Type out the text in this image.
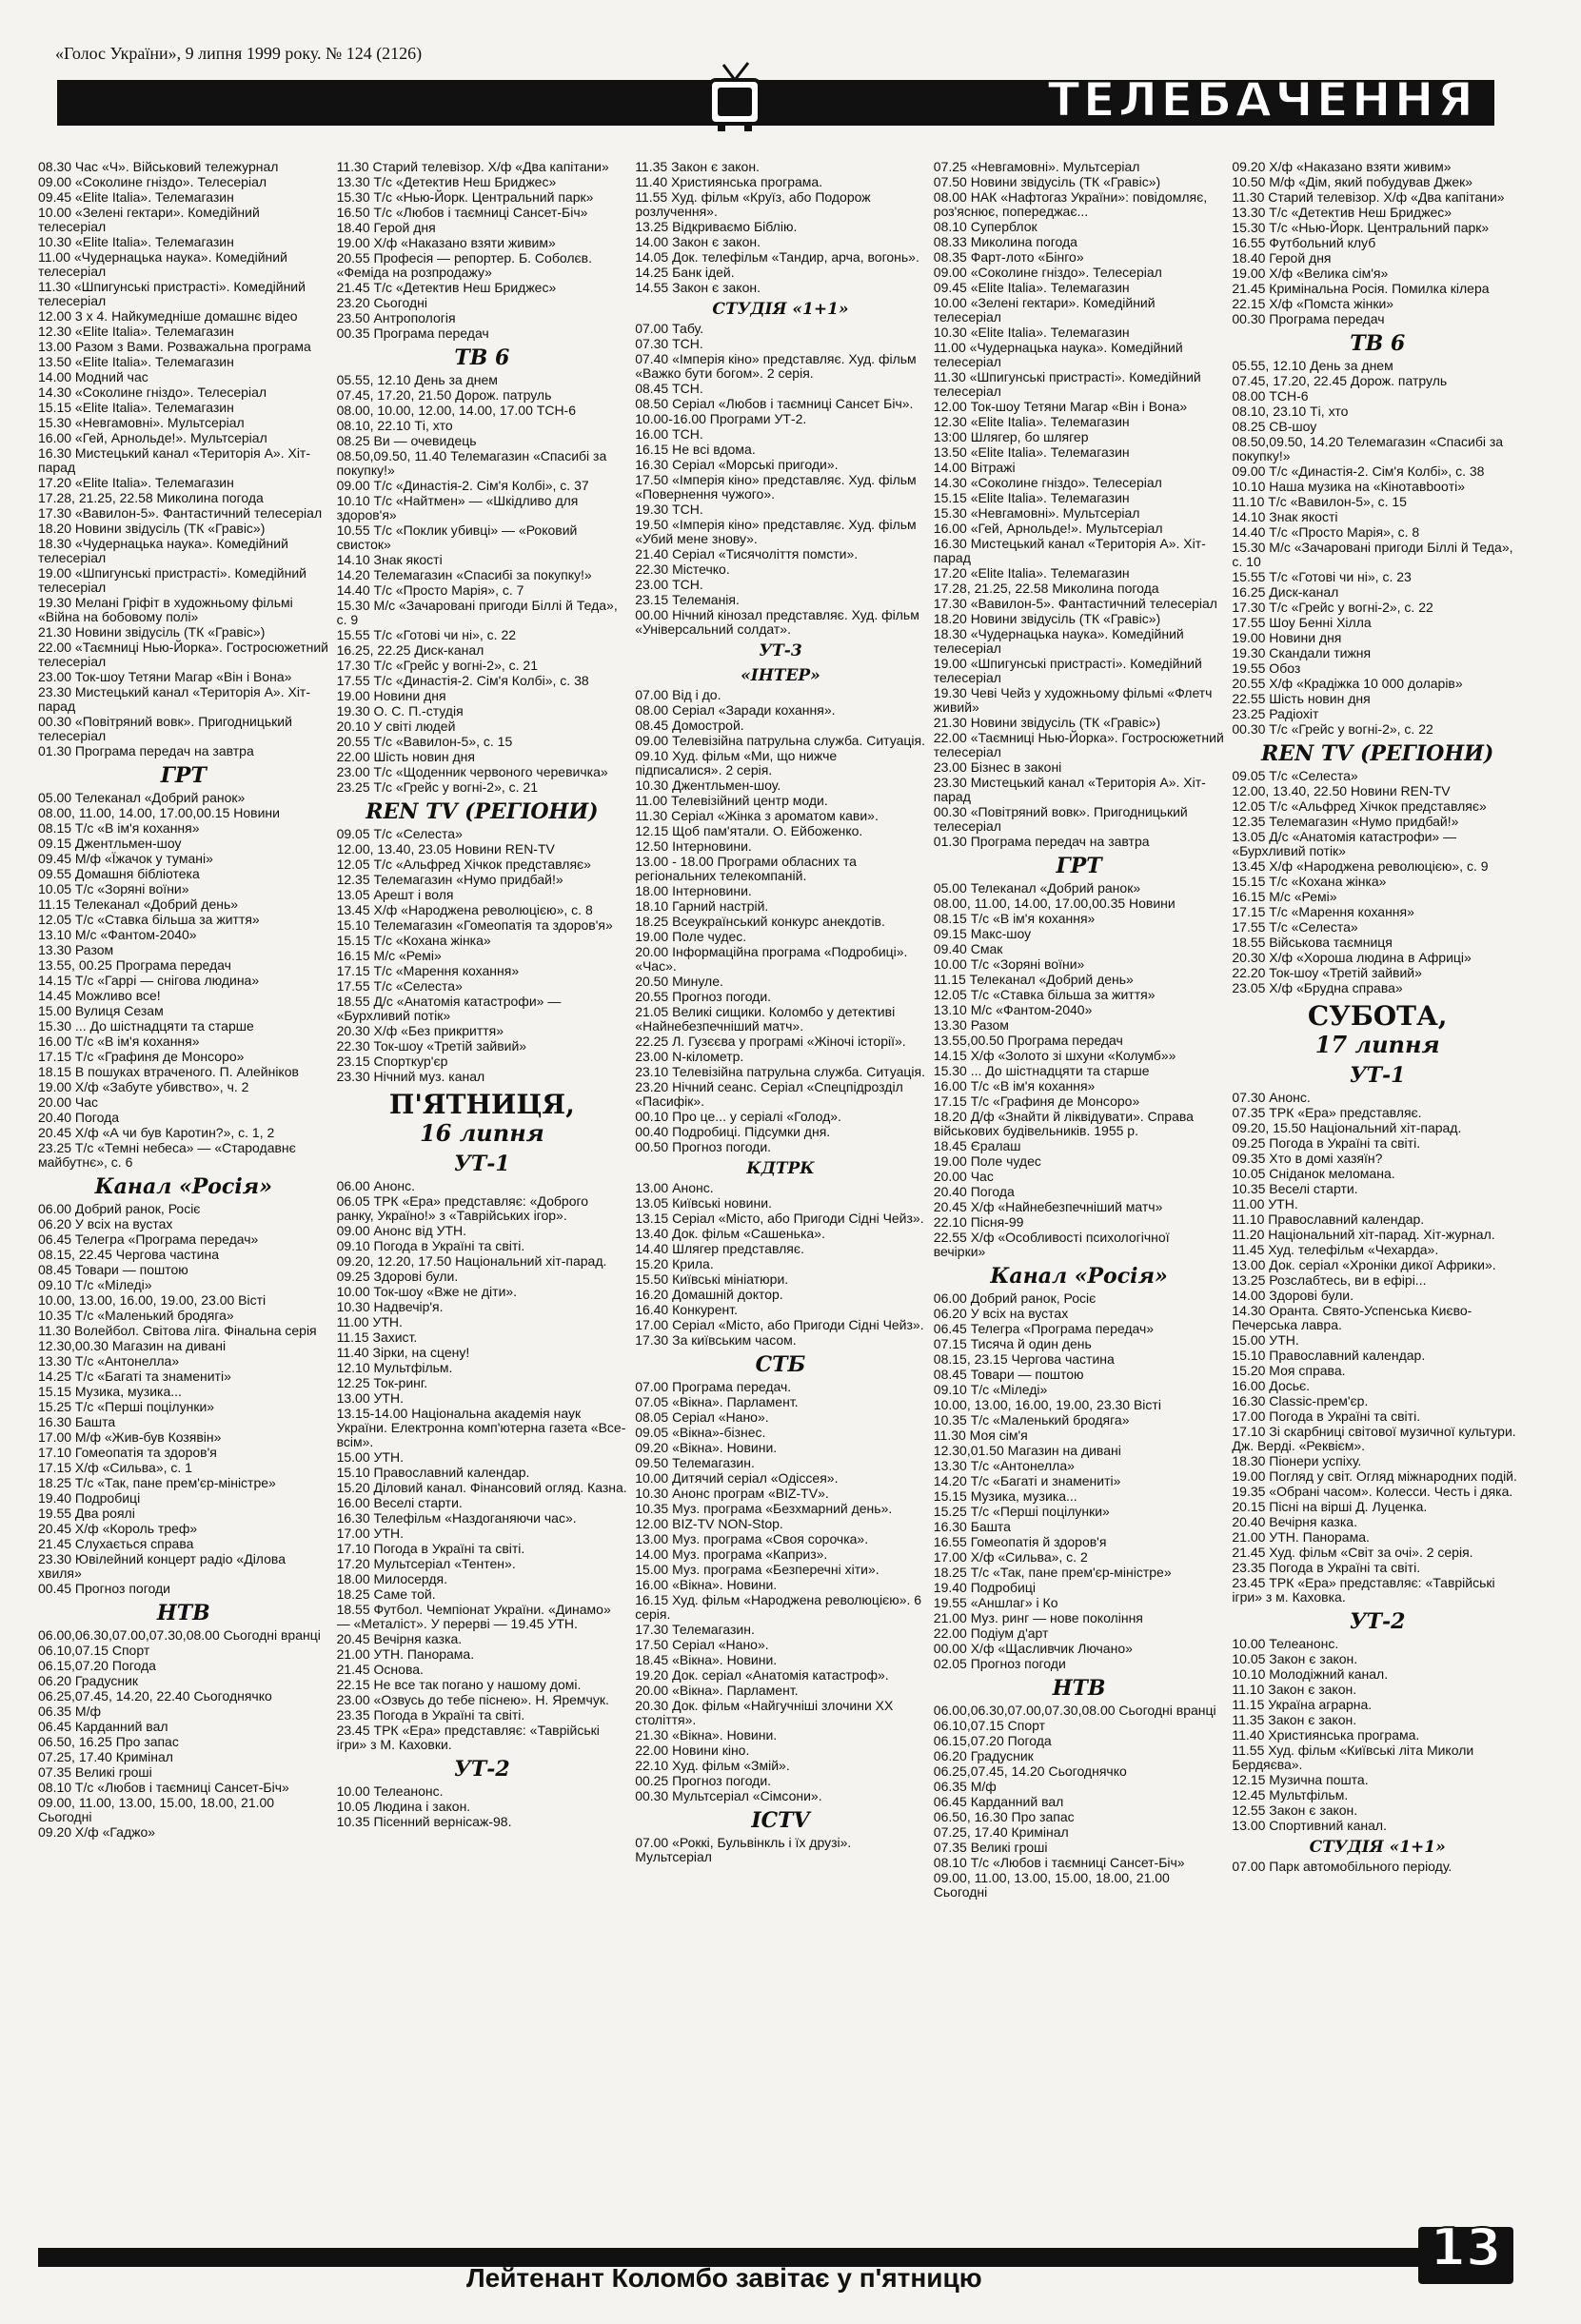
«Голос України», 9 липня 1999 року. № 124 (2126)
ТЕЛЕБАЧЕННЯ
08.30 Час «Ч». Військовий тележурнал
09.00 «Соколине гніздо». Телесеріал
09.45 «Elite Italia». Телемагазин
10.00 «Зелені гектари». Комедійний телесеріал
10.30 «Elite Italia». Телемагазин
11.00 «Чудернацька наука». Комедійний телесеріал
11.30 «Шпигунські пристрасті». Комедійний телесеріал
12.00 3 х 4. Найкумедніше домашнє відео
12.30 «Elite Italia». Телемагазин
13.00 Разом з Вами. Розважальна програма
13.50 «Elite Italia». Телемагазин
14.00 Модний час
14.30 «Соколине гніздо». Телесеріал
15.15 «Elite Italia». Телемагазин
15.30 «Невгамовні». Мультсеріал
16.00 «Гей, Арнольде!». Мультсеріал
16.30 Мистецький канал «Територія А». Хіт-парад
17.20 «Elite Italia». Телемагазин
17.28, 21.25, 22.58 Миколина погода
17.30 «Вавилон-5». Фантастичний телесеріал
18.20 Новини звідусіль (ТК «Гравіс»)
18.30 «Чудернацька наука». Комедійний телесеріал
19.00 «Шпигунські пристрасті». Комедійний телесеріал
19.30 Мелані Гріфіт в художньому фільмі «Війна на бобовому полі»
21.30 Новини звідусіль (ТК «Гравіс»)
22.00 «Таємниці Нью-Йорка». Гостросюжетний телесеріал
23.00 Ток-шоу Тетяни Магар «Він і Вона»
23.30 Мистецький канал «Територія А». Хіт-парад
00.30 «Повітряний вовк». Пригодницький телесеріал
01.30 Програма передач на завтра
ГРТ
05.00 Телеканал «Добрий ранок»
08.00, 11.00, 14.00, 17.00,00.15 Новини
08.15 Т/с «В ім'я кохання»
09.15 Джентльмен-шоу
09.45 М/ф «Їжачок у тумані»
09.55 Домашня бібліотека
10.05 Т/с «Зоряні воїни»
11.15 Телеканал «Добрий день»
12.05 Т/с «Ставка більша за життя»
13.10 М/с «Фантом-2040»
13.30 Разом
13.55, 00.25 Програма передач
14.15 Т/с «Гаррі — снігова людина»
14.45 Можливо все!
15.00 Вулиця Сезам
15.30 ... До шістнадцяти та старше
16.00 Т/с «В ім'я кохання»
17.15 Т/с «Графиня де Монсоро»
18.15 В пошуках втраченого. П. Алейніков
19.00 Х/ф «Забуте убивство», ч. 2
20.00 Час
20.40 Погода
20.45 Х/ф «А чи був Каротин?», с. 1, 2
23.25 Т/с «Темні небеса» — «Стародавнє майбутнє», с. 6
Канал «Росія»
06.00 Добрий ранок, Росіє
06.20 У всіх на вустах
06.45 Телегра «Програма передач»
08.15, 22.45 Чергова частина
08.45 Товари — поштою
09.10 Т/с «Міледі»
10.00, 13.00, 16.00, 19.00, 23.00 Вісті
10.35 Т/с «Маленький бродяга»
11.30 Волейбол. Світова ліга. Фінальна серія
12.30,00.30 Магазин на дивані
13.30 Т/с «Антонелла»
14.25 Т/с «Багаті та знамениті»
15.15 Музика, музика...
15.25 Т/с «Перші поцілунки»
16.30 Башта
17.00 М/ф «Жив-був Козявін»
17.10 Гомеопатія та здоров'я
17.15 Х/ф «Сильва», с. 1
18.25 Т/с «Так, пане прем'єр-міністре»
19.40 Подробиці
19.55 Два роялі
20.45 Х/ф «Король треф»
21.45 Слухається справа
23.30 Ювілейний концерт радіо «Ділова хвиля»
00.45 Прогноз погоди
НТВ
06.00,06.30,07.00,07.30,08.00 Сьогодні вранці
06.10,07.15 Спорт
06.15,07.20 Погода
06.20 Градусник
06.25,07.45, 14.20, 22.40 Сьогоднячко
06.35 М/ф
06.45 Карданний вал
06.50, 16.25 Про запас
07.25, 17.40 Кримінал
07.35 Великі гроші
08.10 Т/с «Любов і таємниці Сансет-Біч»
09.00, 11.00, 13.00, 15.00, 18.00, 21.00 Сьогодні
09.20 Х/ф «Гаджо»
11.30 Старий телевізор. Х/ф «Два капітани»
13.30 Т/с «Детектив Неш Бриджес»
15.30 Т/с «Нью-Йорк. Центральний парк»
16.50 Т/с «Любов і таємниці Сансет-Біч»
18.40 Герой дня
19.00 Х/ф «Наказано взяти живим»
20.55 Професія — репортер. Б. Соболєв. «Феміда на розпродажу»
21.45 Т/с «Детектив Неш Бриджес»
23.20 Сьогодні
23.50 Антропологія
00.35 Програма передач
ТВ 6
05.55, 12.10 День за днем
07.45, 17.20, 21.50 Дорож. патруль
08.00, 10.00, 12.00, 14.00, 17.00 ТСН-6
08.10, 22.10 Ті, хто
08.25 Ви — очевидець
08.50,09.50, 11.40 Телемагазин «Спасибі за покупку!»
09.00 Т/с «Династія-2. Сім'я Колбі», с. 37
10.10 Т/с «Найтмен» — «Шкідливо для здоров'я»
10.55 Т/с «Поклик убивці» — «Роковий свисток»
14.10 Знак якості
14.20 Телемагазин «Спасибі за покупку!»
14.40 Т/с «Просто Марія», с. 7
15.30 М/с «Зачаровані пригоди Біллі й Теда», с. 9
15.55 Т/с «Готові чи ні», с. 22
16.25, 22.25 Диск-канал
17.30 Т/с «Грейс у вогні-2», с. 21
17.55 Т/с «Династія-2. Сім'я Колбі», с. 38
19.00 Новини дня
19.30 О. С. П.-студія
20.10 У світі людей
20.55 Т/с «Вавилон-5», с. 15
22.00 Шість новин дня
23.00 Т/с «Щоденник червоного черевичка»
23.25 Т/с «Грейс у вогні-2», с. 21
REN TV (РЕГІОНИ)
09.05 Т/с «Селеста»
12.00, 13.40, 23.05 Новини REN-TV
12.05 Т/с «Альфред Хічкок представляє»
12.35 Телемагазин «Нумо придбай!»
13.05 Арешт і воля
13.45 Х/ф «Народжена революцією», с. 8
15.10 Телемагазин «Гомеопатія та здоров'я»
15.15 Т/с «Кохана жінка»
16.15 М/с «Ремі»
17.15 Т/с «Марення кохання»
17.55 Т/с «Селеста»
18.55 Д/с «Анатомія катастрофи» — «Бурхливий потік»
20.30 Х/ф «Без прикриття»
22.30 Ток-шоу «Третій зайвий»
23.15 Спорткур'єр
23.30 Нічний муз. канал
П'ЯТНИЦЯ,
16 липня
УТ-1
06.00 Анонс.
06.05 ТРК «Ера» представляє: «Доброго ранку, Україно!» з «Таврійських ігор».
09.00 Анонс від УТН.
09.10 Погода в Україні та світі.
09.20, 12.20, 17.50 Національний хіт-парад.
09.25 Здорові були.
10.00 Ток-шоу «Вже не діти».
10.30 Надвечір'я.
11.00 УТН.
11.15 Захист.
11.40 Зірки, на сцену!
12.10 Мультфільм.
12.25 Ток-ринг.
13.00 УТН.
13.15-14.00 Національна академія наук України. Електронна комп'ютерна газета «Все-всім».
15.00 УТН.
15.10 Православний календар.
15.20 Діловий канал. Фінансовий огляд. Казна.
16.00 Веселі старти.
16.30 Телефільм «Наздоганяючи час».
17.00 УТН.
17.10 Погода в Україні та світі.
17.20 Мультсеріал «Тентен».
18.00 Милосердя.
18.25 Саме той.
18.55 Футбол. Чемпіонат України. «Динамо» — «Металіст». У перерві — 19.45 УТН.
20.45 Вечірня казка.
21.00 УТН. Панорама.
21.45 Основа.
22.15 Не все так погано у нашому домі.
23.00 «Озвусь до тебе піснею». Н. Яремчук.
23.35 Погода в Україні та світі.
23.45 ТРК «Ера» представляє: «Таврійські ігри» з М. Каховки.
УТ-2
10.00 Телеанонс.
10.05 Людина і закон.
10.35 Пісенний вернісаж-98.
11.35 Закон є закон.
11.40 Християнська програма.
11.55 Худ. фільм «Круїз, або Подорож розлучення».
13.25 Відкриваємо Біблію.
14.00 Закон є закон.
14.05 Док. телефільм «Тандир, арча, вогонь».
14.25 Банк ідей.
14.55 Закон є закон.
СТУДІЯ «1+1»
07.00 Табу.
07.30 ТСН.
07.40 «Імперія кіно» представляє. Худ. фільм «Важко бути богом». 2 серія.
08.45 ТСН.
08.50 Серіал «Любов і таємниці Сансет Біч».
10.00-16.00 Програми УТ-2.
16.00 ТСН.
16.15 Не всі вдома.
16.30 Серіал «Морські пригоди».
17.50 «Імперія кіно» представляє. Худ. фільм «Повернення чужого».
19.30 ТСН.
19.50 «Імперія кіно» представляє. Худ. фільм «Убий мене знову».
21.40 Серіал «Тисячоліття помсти».
22.30 Містечко.
23.00 ТСН.
23.15 Телеманія.
00.00 Нічний кінозал представляє. Худ. фільм «Універсальний солдат».
УТ-3
«ІНТЕР»
07.00 Від і до.
08.00 Серіал «Заради кохання».
08.45 Домострой.
09.00 Телевізійна патрульна служба. Ситуація.
09.10 Худ. фільм «Ми, що нижче підписалися». 2 серія.
10.30 Джентльмен-шоу.
11.00 Телевізійний центр моди.
11.30 Серіал «Жінка з ароматом кави».
12.15 Щоб пам'ятали. О. Ейбоженко.
12.50 Інтерновини.
13.00 - 18.00 Програми обласних та регіональних телекомпаній.
18.00 Інтерновини.
18.10 Гарний настрій.
18.25 Всеукраїнський конкурс анекдотів.
19.00 Поле чудес.
20.00 Інформаційна програма «Подробиці». «Час».
20.50 Минуле.
20.55 Прогноз погоди.
21.05 Великі сищики. Коломбо у детективі «Найнебезпечніший матч».
22.25 Л. Гузєєва у програмі «Жіночі історії».
23.00 N-кілометр.
23.10 Телевізійна патрульна служба. Ситуація.
23.20 Нічний сеанс. Серіал «Спецпідрозділ «Пасифік».
00.10 Про це... у серіалі «Голод».
00.40 Подробиці. Підсумки дня.
00.50 Прогноз погоди.
КДТРК
13.00 Анонс.
13.05 Київські новини.
13.15 Серіал «Місто, або Пригоди Сідні Чейз».
13.40 Док. фільм «Сашенька».
14.40 Шлягер представляє.
15.20 Крила.
15.50 Київські мініатюри.
16.20 Домашній доктор.
16.40 Конкурент.
17.00 Серіал «Місто, або Пригоди Сідні Чейз».
17.30 За київським часом.
СТБ
07.00 Програма передач.
07.05 «Вікна». Парламент.
08.05 Серіал «Нано».
09.05 «Вікна»-бізнес.
09.20 «Вікна». Новини.
09.50 Телемагазин.
10.00 Дитячий серіал «Одіссея».
10.30 Анонс програм «BIZ-TV».
10.35 Муз. програма «Безхмарний день».
12.00 BIZ-TV NON-Stop.
13.00 Муз. програма «Своя сорочка».
14.00 Муз. програма «Каприз».
15.00 Муз. програма «Безперечні хіти».
16.00 «Вікна». Новини.
16.15 Худ. фільм «Народжена революцією». 6 серія.
17.30 Телемагазин.
17.50 Серіал «Нано».
18.45 «Вікна». Новини.
19.20 Док. серіал «Анатомія катастроф».
20.00 «Вікна». Парламент.
20.30 Док. фільм «Найгучніші злочини XX століття».
21.30 «Вікна». Новини.
22.00 Новини кіно.
22.10 Худ. фільм «Змій».
00.25 Прогноз погоди.
00.30 Мультсеріал «Сімсони».
ICTV
07.00 «Роккі, Бульвінкль і їх друзі». Мультсеріал
07.25 «Невгамовні». Мультсеріал
07.50 Новини звідусіль (ТК «Гравіс»)
08.00 НАК «Нафтогаз України»: повідомляє, роз'яснює, попереджає...
08.10 Суперблок
08.33 Миколина погода
08.35 Фарт-лото «Бінго»
09.00 «Соколине гніздо». Телесеріал
09.45 «Elite Italia». Телемагазин
10.00 «Зелені гектари». Комедійний телесеріал
10.30 «Elite Italia». Телемагазин
11.00 «Чудернацька наука». Комедійний телесеріал
11.30 «Шпигунські пристрасті». Комедійний телесеріал
12.00 Ток-шоу Тетяни Магар «Він і Вона»
12.30 «Elite Italia». Телемагазин
13:00 Шлягер, бо шлягер
13.50 «Elite Italia». Телемагазин
14.00 Вітражі
14.30 «Соколине гніздо». Телесеріал
15.15 «Elite Italia». Телемагазин
15.30 «Невгамовні». Мультсеріал
16.00 «Гей, Арнольде!». Мультсеріал
16.30 Мистецький канал «Територія А». Хіт-парад
17.20 «Elite Italia». Телемагазин
17.28, 21.25, 22.58 Миколина погода
17.30 «Вавилон-5». Фантастичний телесеріал
18.20 Новини звідусіль (ТК «Гравіс»)
18.30 «Чудернацька наука». Комедійний телесеріал
19.00 «Шпигунські пристрасті». Комедійний телесеріал
19.30 Чеві Чейз у художньому фільмі «Флетч живий»
21.30 Новини звідусіль (ТК «Гравіс»)
22.00 «Таємниці Нью-Йорка». Гостросюжетний телесеріал
23.00 Бізнес в законі
23.30 Мистецький канал «Територія А». Хіт-парад
00.30 «Повітряний вовк». Пригодницький телесеріал
01.30 Програма передач на завтра
ГРТ
05.00 Телеканал «Добрий ранок»
08.00, 11.00, 14.00, 17.00,00.35 Новини
08.15 Т/с «В ім'я кохання»
09.15 Макс-шоу
09.40 Смак
10.00 Т/с «Зоряні воїни»
11.15 Телеканал «Добрий день»
12.05 Т/с «Ставка більша за життя»
13.10 М/с «Фантом-2040»
13.30 Разом
13.55,00.50 Програма передач
14.15 Х/ф «Золото зі шхуни «Колумб»»
15.30 ... До шістнадцяти та старше
16.00 Т/с «В ім'я кохання»
17.15 Т/с «Графиня де Монсоро»
18.20 Д/ф «Знайти й ліквідувати». Справа військових будівельників. 1955 р.
18.45 Єралаш
19.00 Поле чудес
20.00 Час
20.40 Погода
20.45 Х/ф «Найнебезпечніший матч»
22.10 Пісня-99
22.55 Х/ф «Особливості психологічної вечірки»
Канал «Росія»
06.00 Добрий ранок, Росіє
06.20 У всіх на вустах
06.45 Телегра «Програма передач»
07.15 Тисяча й один день
08.15, 23.15 Чергова частина
08.45 Товари — поштою
09.10 Т/с «Міледі»
10.00, 13.00, 16.00, 19.00, 23.30 Вісті
10.35 Т/с «Маленький бродяга»
11.30 Моя сім'я
12.30,01.50 Магазин на дивані
13.30 Т/с «Антонелла»
14.20 Т/с «Багаті и знамениті»
15.15 Музика, музика...
15.25 Т/с «Перші поцілунки»
16.30 Башта
16.55 Гомеопатія й здоров'я
17.00 Х/ф «Сильва», с. 2
18.25 Т/с «Так, пане прем'єр-міністре»
19.40 Подробиці
19.55 «Аншлаг» і Ко
21.00 Муз. ринг — нове покоління
22.00 Подіум д'арт
00.00 Х/ф «Щасливчик Лючано»
02.05 Прогноз погоди
НТВ
06.00,06.30,07.00,07.30,08.00 Сьогодні вранці
06.10,07.15 Спорт
06.15,07.20 Погода
06.20 Градусник
06.25,07.45, 14.20 Сьогоднячко
06.35 М/ф
06.45 Карданний вал
06.50, 16.30 Про запас
07.25, 17.40 Кримінал
07.35 Великі гроші
08.10 Т/с «Любов і таємниці Сансет-Біч»
09.00, 11.00, 13.00, 15.00, 18.00, 21.00 Сьогодні
09.20 Х/ф «Наказано взяти живим»
10.50 М/ф «Дім, який побудував Джек»
11.30 Старий телевізор. Х/ф «Два капітани»
13.30 Т/с «Детектив Неш Бриджес»
15.30 Т/с «Нью-Йорк. Центральний парк»
16.55 Футбольний клуб
18.40 Герой дня
19.00 Х/ф «Велика сім'я»
21.45 Кримінальна Росія. Помилка кілера
22.15 Х/ф «Помста жінки»
00.30 Програма передач
ТВ 6
05.55, 12.10 День за днем
07.45, 17.20, 22.45 Дорож. патруль
08.00 ТСН-6
08.10, 23.10 Ті, хто
08.25 СВ-шоу
08.50,09.50, 14.20 Телемагазин «Спасибі за покупку!»
09.00 Т/с «Династія-2. Сім'я Колбі», с. 38
10.10 Наша музика на «Кінотавbooті»
11.10 Т/с «Вавилон-5», с. 15
14.10 Знак якості
14.40 Т/с «Просто Марія», с. 8
15.30 М/с «Зачаровані пригоди Біллі й Теда», с. 10
15.55 Т/с «Готові чи ні», с. 23
16.25 Диск-канал
17.30 Т/с «Грейс у вогні-2», с. 22
17.55 Шоу Бенні Хілла
19.00 Новини дня
19.30 Скандали тижня
19.55 Обоз
20.55 Х/ф «Крадіжка 10 000 доларів»
22.55 Шість новин дня
23.25 Радіохіт
00.30 Т/с «Грейс у вогні-2», с. 22
REN TV (РЕГІОНИ)
09.05 Т/с «Селеста»
12.00, 13.40, 22.50 Новини REN-TV
12.05 Т/с «Альфред Хічкок представляє»
12.35 Телемагазин «Нумо придбай!»
13.05 Д/с «Анатомія катастрофи» — «Бурхливий потік»
13.45 Х/ф «Народжена революцією», с. 9
15.15 Т/с «Кохана жінка»
16.15 М/с «Ремі»
17.15 Т/с «Марення кохання»
17.55 Т/с «Селеста»
18.55 Військова таємниця
20.30 Х/ф «Хороша людина в Африці»
22.20 Ток-шоу «Третій зайвий»
23.05 Х/ф «Брудна справа»
СУБОТА,
17 липня
УТ-1
07.30 Анонс.
07.35 ТРК «Ера» представляє.
09.20, 15.50 Національний хіт-парад.
09.25 Погода в Україні та світі.
09.35 Хто в домі хазяїн?
10.05 Сніданок меломана.
10.35 Веселі старти.
11.00 УТН.
11.10 Православний календар.
11.20 Національний хіт-парад. Хіт-журнал.
11.45 Худ. телефільм «Чехарда».
13.00 Док. серіал «Хроніки дикої Африки».
13.25 Розслабтесь, ви в ефірі...
14.00 Здорові були.
14.30 Оранта. Свято-Успенська Києво-Печерська лавра.
15.00 УТН.
15.10 Православний календар.
15.20 Моя справа.
16.00 Досьє.
16.30 Classic-прем'єр.
17.00 Погода в Україні та світі.
17.10 Зі скарбниці світової музичної культури. Дж. Верді. «Реквієм».
18.30 Піонери успіху.
19.00 Погляд у світ. Огляд міжнародних подій.
19.35 «Обрані часом». Колесси. Честь і дяка.
20.15 Пісні на вірші Д. Луценка.
20.40 Вечірня казка.
21.00 УТН. Панорама.
21.45 Худ. фільм «Світ за очі». 2 серія.
23.35 Погода в Україні та світі.
23.45 ТРК «Ера» представляє: «Таврійські ігри» з м. Каховка.
УТ-2
10.00 Телеанонс.
10.05 Закон є закон.
10.10 Молодіжний канал.
11.10 Закон є закон.
11.15 Україна аграрна.
11.35 Закон є закон.
11.40 Християнська програма.
11.55 Худ. фільм «Київські літа Миколи Бердяєва».
12.15 Музична пошта.
12.45 Мультфільм.
12.55 Закон є закон.
13.00 Спортивний канал.
СТУДІЯ «1+1»
07.00 Парк автомобільного періоду.
Лейтенант Коломбо завітає у п'ятницю
13
